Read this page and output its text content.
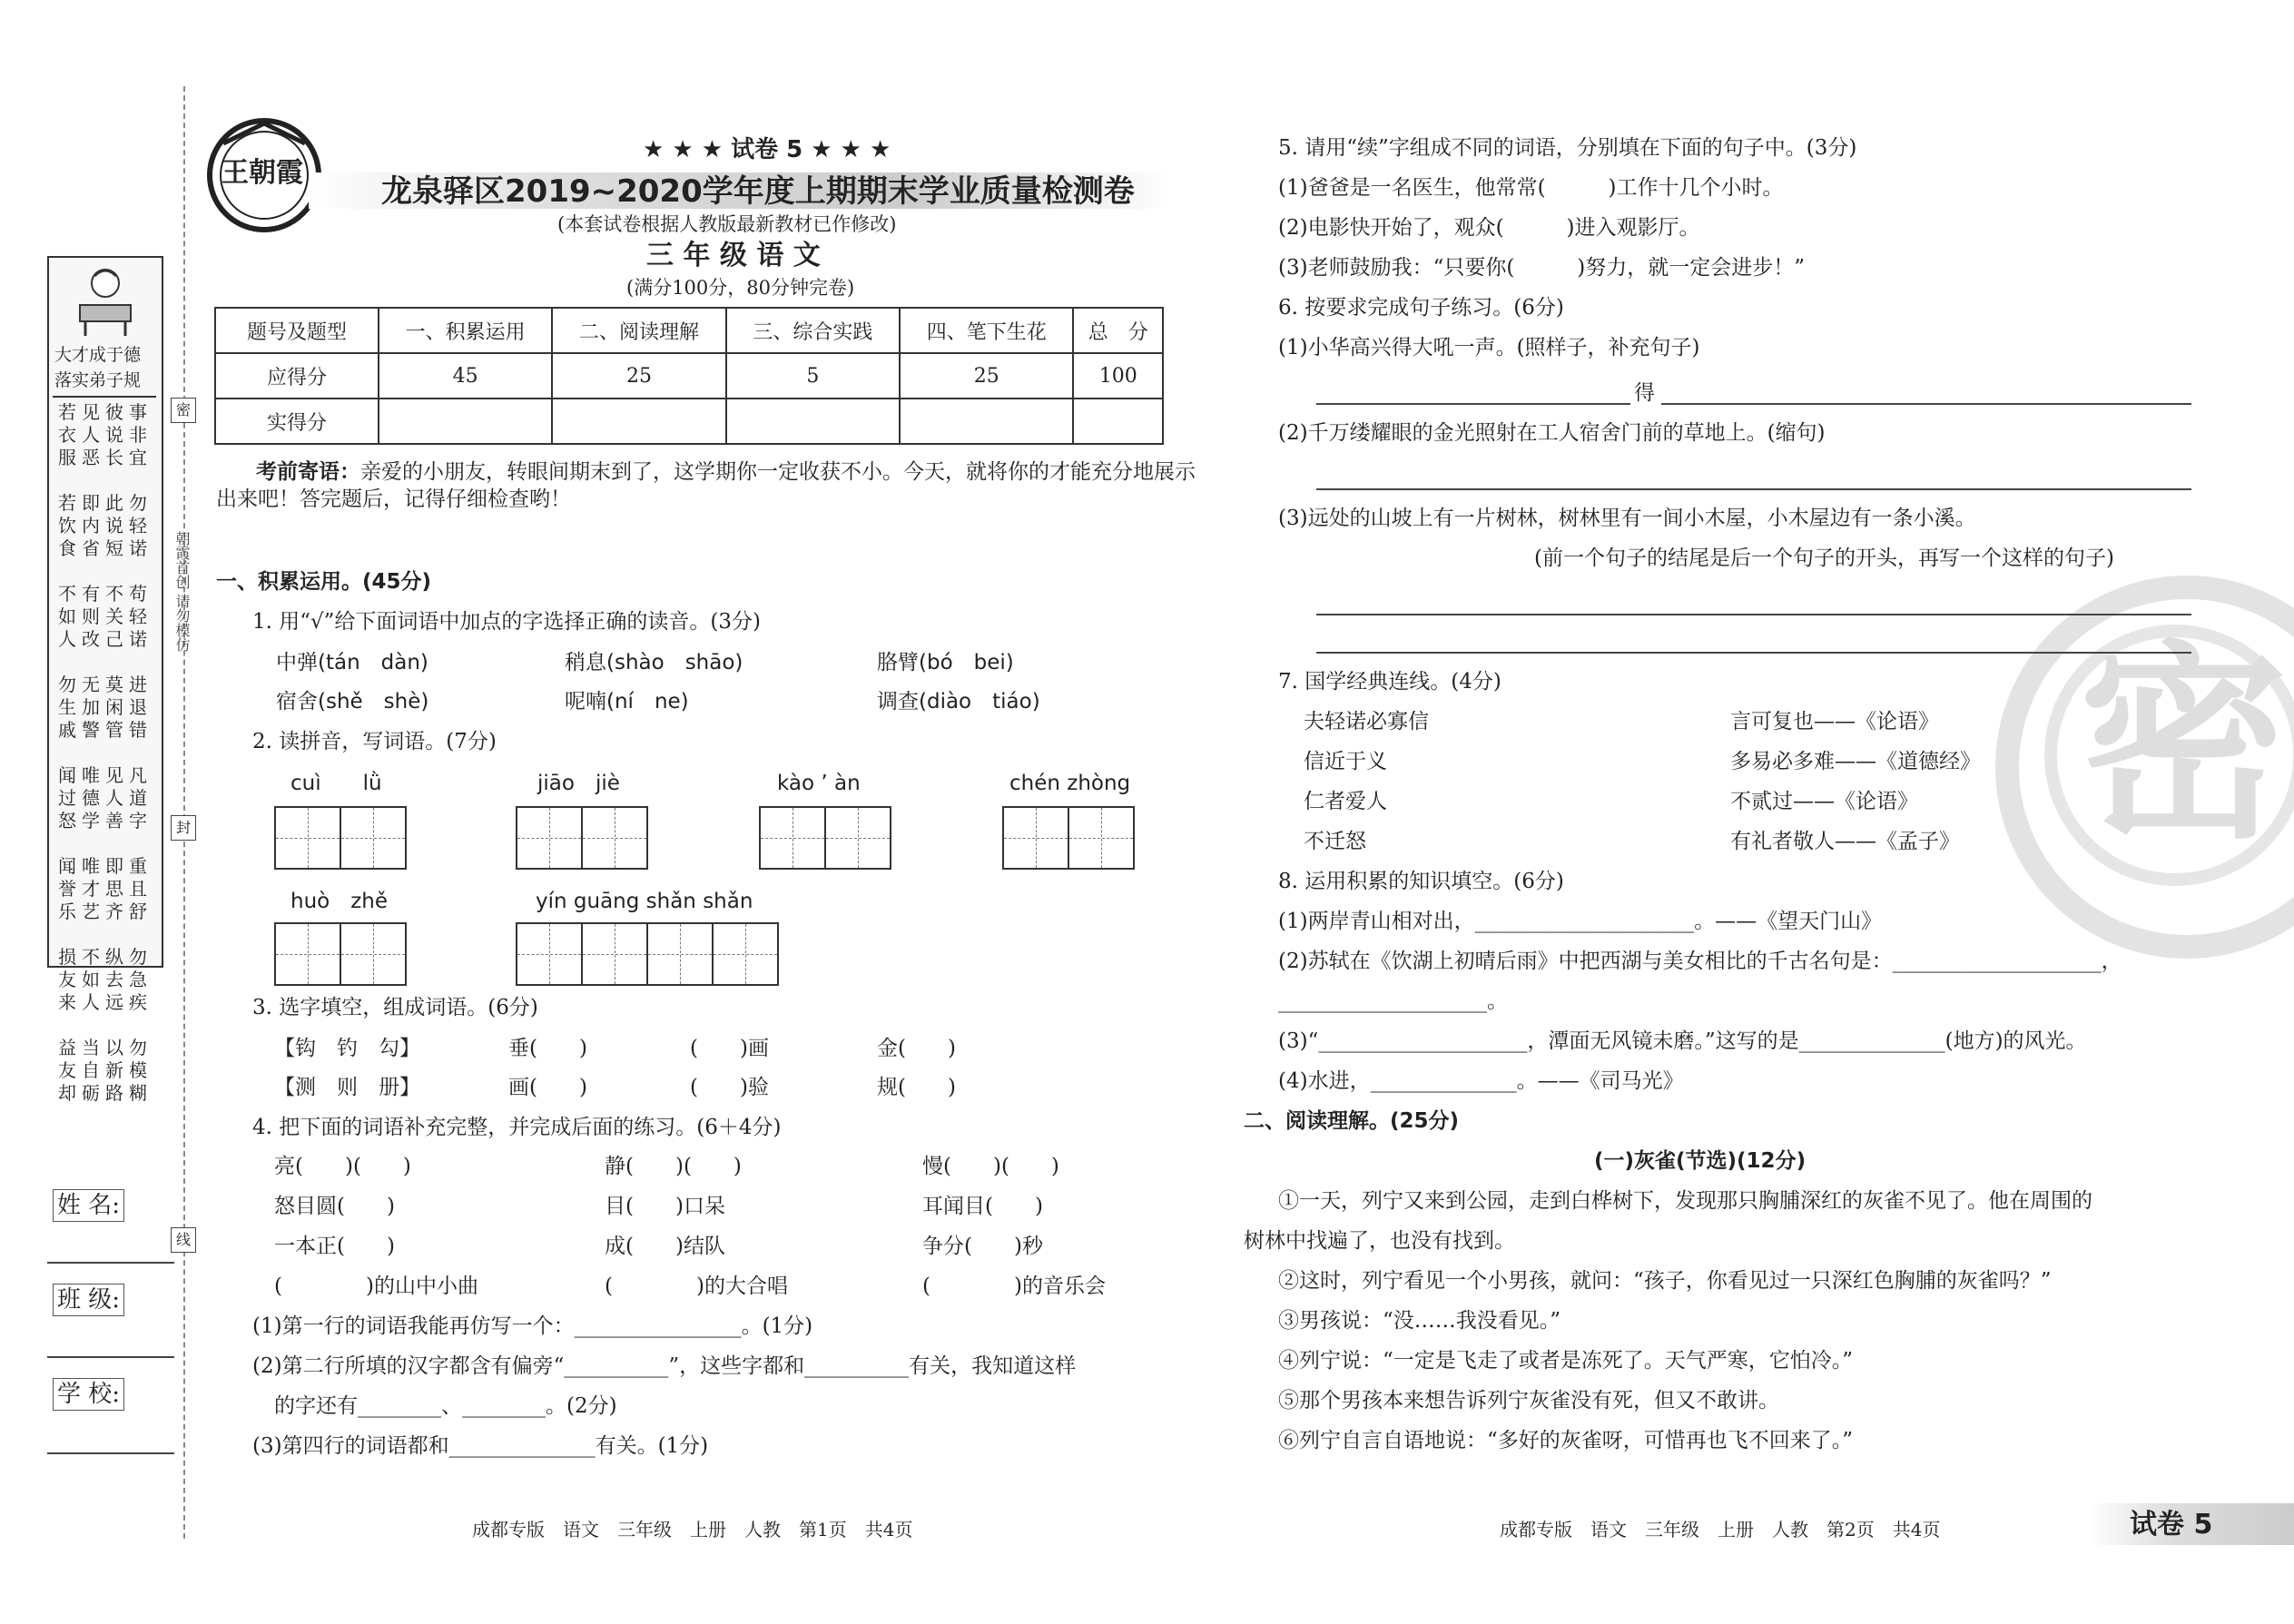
大才成于德
落实弟子规
若见彼事
衣人说非
服恶长宜

若即此勿
饮内说轻
食省短诺

不有不苟
如则关轻
人改己诺

勿无莫进
生加闲退
戚警管错

闻唯见凡
过德人道
怒学善字

闻唯即重
誉才思且
乐艺齐舒

损不纵勿
友如去急
来人远疾

益当以勿
友自新模
却砺路糊
密
封
线
朝霞首创 请勿模仿
姓 名:
班 级:
学 校:
王朝霞
★ ★ ★ 试卷 5 ★ ★ ★
龙泉驿区2019~2020学年度上期期末学业质量检测卷
(本套试卷根据人教版最新教材已作修改)
三 年 级 语 文
(满分100分，80分钟完卷)
题号及题型	一、积累运用	二、阅读理解	三、综合实践	四、笔下生花	总　分
应得分	45	25	5	25	100
实得分					
考前寄语：亲爱的小朋友，转眼间期末到了，这学期你一定收获不小。今天，就将你的才能充分地展示
出来吧！答完题后，记得仔细检查哟！
一、积累运用。(45分)
1. 用“√”给下面词语中加点的字选择正确的读音。(3分)
中弹(tán　dàn)	稍息(shào　shāo)	胳臂(bó　bei)
宿舍(shě　shè)	呢喃(ní　ne)	调查(diào　tiáo)
2. 读拼音，写词语。(7分)
cuì　　lǜ	jiāo　jiè	kào ’ àn	chén zhòng
huò　zhě	yín guāng shǎn shǎn
3. 选字填空，组成词语。(6分)
【钩　钓　勾】	垂(　　)	(　　)画	金(　　)
【测　则　册】	画(　　)	(　　)验	规(　　)
4. 把下面的词语补充完整，并完成后面的练习。(6＋4分)
亮(　　)(　　)	静(　　)(　　)	慢(　　)(　　)
怒目圆(　　)	目(　　)口呆	耳闻目(　　)
一本正(　　)	成(　　)结队	争分(　　)秒
(　　　　)的山中小曲	(　　　　)的大合唱	(　　　　)的音乐会
(1)第一行的词语我能再仿写一个：________________。(1分)
(2)第二行所填的汉字都含有偏旁“__________”，这些字都和__________有关，我知道这样
的字还有________、________。(2分)
(3)第四行的词语都和______________有关。(1分)
成都专版　语文　三年级　上册　人教　第1页　共4页
密
5. 请用“续”字组成不同的词语，分别填在下面的句子中。(3分)
(1)爸爸是一名医生，他常常(　　　)工作十几个小时。
(2)电影快开始了，观众(　　　)进入观影厅。
(3)老师鼓励我：“只要你(　　　)努力，就一定会进步！”
6. 按要求完成句子练习。(6分)
(1)小华高兴得大吼一声。(照样子，补充句子)
得
(2)千万缕耀眼的金光照射在工人宿舍门前的草地上。(缩句)
(3)远处的山坡上有一片树林，树林里有一间小木屋，小木屋边有一条小溪。
(前一个句子的结尾是后一个句子的开头，再写一个这样的句子)
7. 国学经典连线。(4分)
夫轻诺必寡信
信近于义
仁者爱人
不迁怒
言可复也——《论语》
多易必多难——《道德经》
不贰过——《论语》
有礼者敬人——《孟子》
8. 运用积累的知识填空。(6分)
(1)两岸青山相对出，_____________________。——《望天门山》
(2)苏轼在《饮湖上初晴后雨》中把西湖与美女相比的千古名句是：____________________，
____________________。
(3)“____________________，潭面无风镜未磨。”这写的是______________(地方)的风光。
(4)水进，______________。——《司马光》
二、阅读理解。(25分)
(一)灰雀(节选)(12分)
①一天，列宁又来到公园，走到白桦树下，发现那只胸脯深红的灰雀不见了。他在周围的
树林中找遍了，也没有找到。
②这时，列宁看见一个小男孩，就问：“孩子，你看见过一只深红色胸脯的灰雀吗？”
③男孩说：“没……我没看见。”
④列宁说：“一定是飞走了或者是冻死了。天气严寒，它怕冷。”
⑤那个男孩本来想告诉列宁灰雀没有死，但又不敢讲。
⑥列宁自言自语地说：“多好的灰雀呀，可惜再也飞不回来了。”
成都专版　语文　三年级　上册　人教　第2页　共4页	试卷 5
